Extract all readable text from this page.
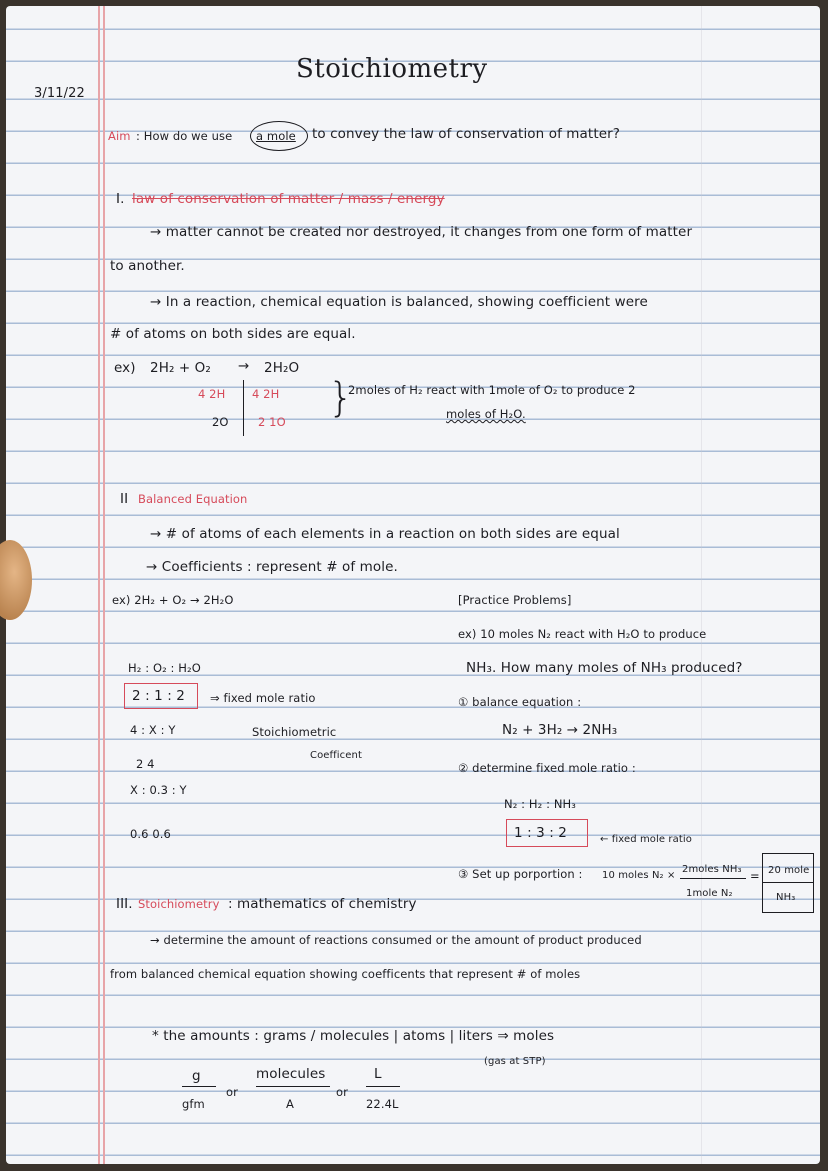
3/11/22
Stoichiometry
Aim : How do we use a mole to convey the law of conservation of matter?
I. law of conservation of matter / mass / energy
→ matter cannot be created nor destroyed, it changes from one form of matter
to another.
→ In a reaction, chemical equation is balanced, showing coefficient were
# of atoms on both sides are equal.
ex) 2H₂ + O₂ → 2H₂O
4 2H
2O
4 2H
2 1O
}
2moles of H₂ react with 1mole of O₂ to produce 2
moles of H₂O.
II Balanced Equation
→ # of atoms of each elements in a reaction on both sides are equal
→ Coefficients : represent # of mole.
ex) 2H₂ + O₂ → 2H₂O	[Practice Problems]
ex) 10 moles N₂ react with H₂O to produce
NH₃. How many moles of NH₃ produced?
H₂ : O₂ : H₂O
2 : 1 : 2 ⇒ fixed mole ratio
Stoichiometric
Coefficent
4 : X : Y
2 4
X : 0.3 : Y
0.6 0.6
① balance equation :
N₂ + 3H₂ → 2NH₃
② determine fixed mole ratio :
N₂ : H₂ : NH₃
1 : 3 : 2	← fixed mole ratio
③ Set up porportion : 10 moles N₂ ×
2moles NH₃
1mole N₂
= 20 mole
NH₃
III. Stoichiometry : mathematics of chemistry
→ determine the amount of reactions consumed or the amount of product produced
from balanced chemical equation showing coefficents that represent # of moles
* the amounts : grams / molecules | atoms | liters ⇒ moles
(gas at STP)
g
gfm
or
molecules
A
or
L
22.4L
